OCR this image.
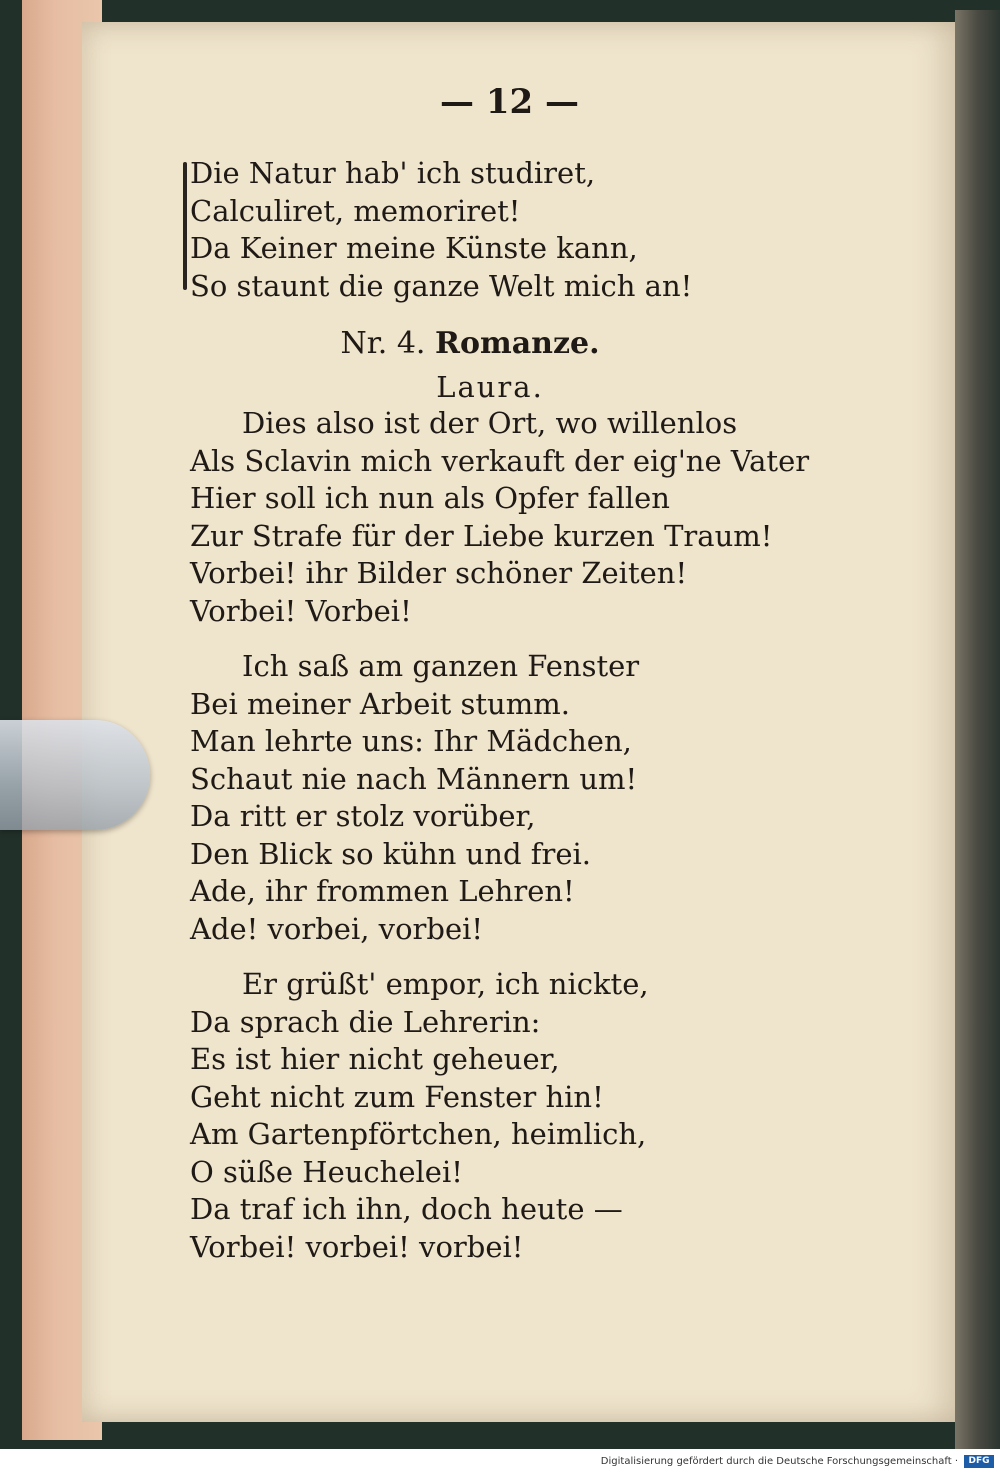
— 12 —
Die Natur hab' ich studiret,
Calculiret, memoriret!
Da Keiner meine Künste kann,
So staunt die ganze Welt mich an!
Nr. 4. Romanze.
Laura.
Dies also ist der Ort, wo willenlos
Als Sclavin mich verkauft der eig'ne Vater
Hier soll ich nun als Opfer fallen
Zur Strafe für der Liebe kurzen Traum!
Vorbei! ihr Bilder schöner Zeiten!
Vorbei! Vorbei!
Ich saß am ganzen Fenster
Bei meiner Arbeit stumm.
Man lehrte uns: Ihr Mädchen,
Schaut nie nach Männern um!
Da ritt er stolz vorüber,
Den Blick so kühn und frei.
Ade, ihr frommen Lehren!
Ade! vorbei, vorbei!
Er grüßt' empor, ich nickte,
Da sprach die Lehrerin:
Es ist hier nicht geheuer,
Geht nicht zum Fenster hin!
Am Gartenpförtchen, heimlich,
O süße Heuchelei!
Da traf ich ihn, doch heute —
Vorbei! vorbei! vorbei!
Digitalisierung gefördert durch die Deutsche Forschungsgemeinschaft ·	DFG
